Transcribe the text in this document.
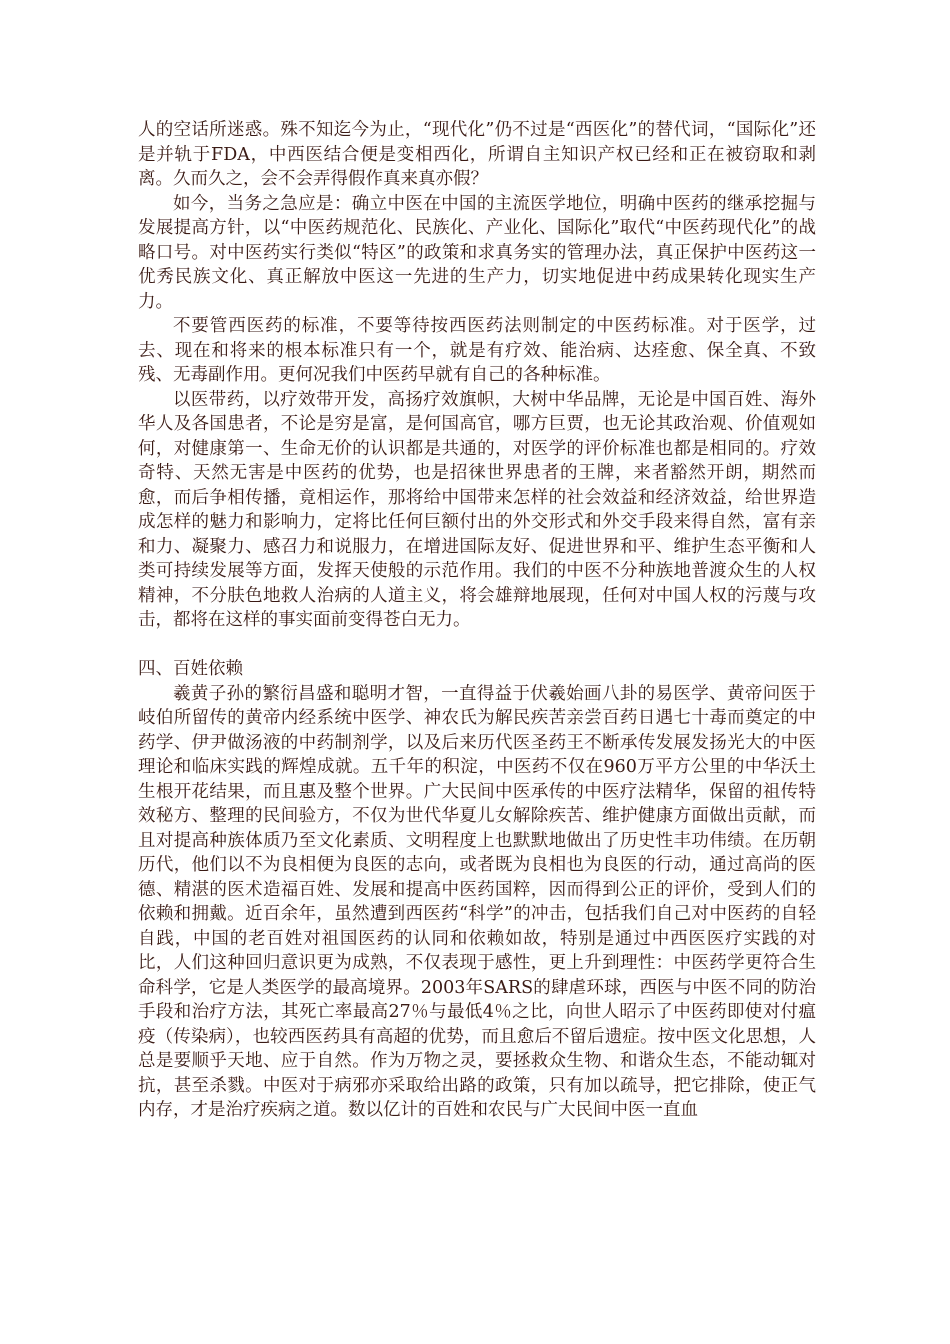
人的空话所迷惑。殊不知迄今为止，“现代化”仍不过是“西医化”的替代词，“国际化”还是并轨于FDA，中西医结合便是变相西化，所谓自主知识产权已经和正在被窃取和剥离。久而久之，会不会弄得假作真来真亦假？

如今，当务之急应是：确立中医在中国的主流医学地位，明确中医药的继承挖掘与发展提高方针，以“中医药规范化、民族化、产业化、国际化”取代“中医药现代化”的战略口号。对中医药实行类似“特区”的政策和求真务实的管理办法，真正保护中医药这一优秀民族文化、真正解放中医这一先进的生产力，切实地促进中药成果转化现实生产力。

不要管西医药的标准，不要等待按西医药法则制定的中医药标准。对于医学，过去、现在和将来的根本标准只有一个，就是有疗效、能治病、达痊愈、保全真、不致残、无毒副作用。更何况我们中医药早就有自己的各种标准。

以医带药，以疗效带开发，高扬疗效旗帜，大树中华品牌，无论是中国百姓、海外华人及各国患者，不论是穷是富，是何国高官，哪方巨贾，也无论其政治观、价值观如何，对健康第一、生命无价的认识都是共通的，对医学的评价标准也都是相同的。疗效奇特、天然无害是中医药的优势，也是招徕世界患者的王牌，来者豁然开朗，期然而愈，而后争相传播，竟相运作，那将给中国带来怎样的社会效益和经济效益，给世界造成怎样的魅力和影响力，定将比任何巨额付出的外交形式和外交手段来得自然，富有亲和力、凝聚力、感召力和说服力，在增进国际友好、促进世界和平、维护生态平衡和人类可持续发展等方面，发挥天使般的示范作用。我们的中医不分种族地普渡众生的人权精神，不分肤色地救人治病的人道主义，将会雄辩地展现，任何对中国人权的污蔑与攻击，都将在这样的事实面前变得苍白无力。

四、百姓依赖

羲黄子孙的繁衍昌盛和聪明才智，一直得益于伏羲始画八卦的易医学、黄帝问医于岐伯所留传的黄帝内经系统中医学、神农氏为解民疾苦亲尝百药日遇七十毒而奠定的中药学、伊尹做汤液的中药制剂学，以及后来历代医圣药王不断承传发展发扬光大的中医理论和临床实践的辉煌成就。五千年的积淀，中医药不仅在960万平方公里的中华沃土生根开花结果，而且惠及整个世界。广大民间中医承传的中医疗法精华，保留的祖传特效秘方、整理的民间验方，不仅为世代华夏儿女解除疾苦、维护健康方面做出贡献，而且对提高种族体质乃至文化素质、文明程度上也默默地做出了历史性丰功伟绩。在历朝历代，他们以不为良相便为良医的志向，或者既为良相也为良医的行动，通过高尚的医德、精湛的医术造福百姓、发展和提高中医药国粹，因而得到公正的评价，受到人们的依赖和拥戴。近百余年，虽然遭到西医药“科学”的冲击，包括我们自己对中医药的自轻自践，中国的老百姓对祖国医药的认同和依赖如故，特别是通过中西医医疗实践的对比，人们这种回归意识更为成熟，不仅表现于感性，更上升到理性：中医药学更符合生命科学，它是人类医学的最高境界。2003年SARS的肆虐环球，西医与中医不同的防治手段和治疗方法，其死亡率最高27％与最低4％之比，向世人昭示了中医药即使对付瘟疫（传染病），也较西医药具有高超的优势，而且愈后不留后遗症。按中医文化思想，人总是要顺乎天地、应于自然。作为万物之灵，要拯救众生物、和谐众生态，不能动辄对抗，甚至杀戮。中医对于病邪亦采取给出路的政策，只有加以疏导，把它排除，使正气内存，才是治疗疾病之道。数以亿计的百姓和农民与广大民间中医一直血
